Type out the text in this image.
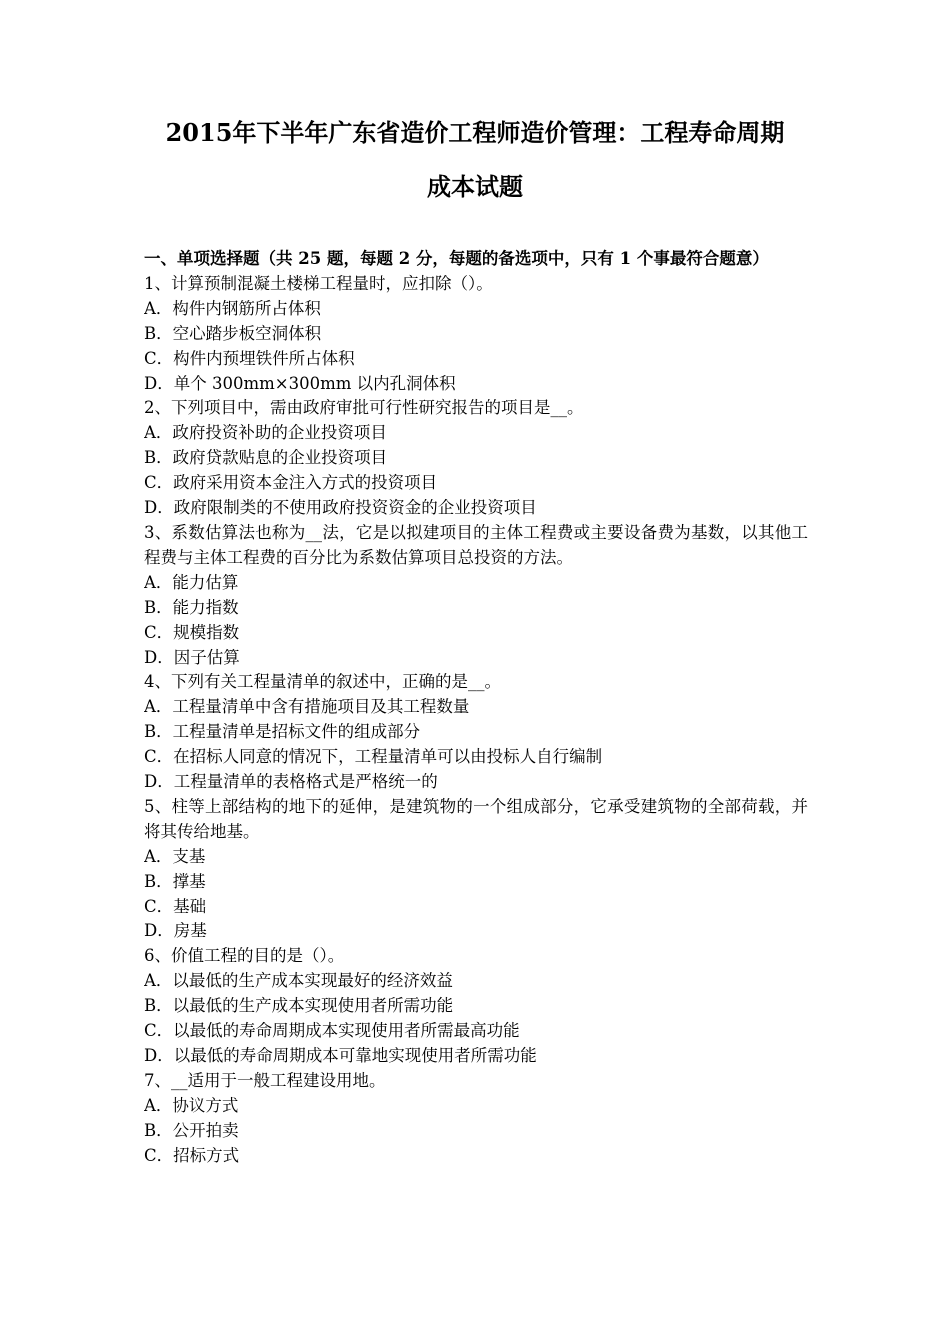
2015年下半年广东省造价工程师造价管理：工程寿命周期
成本试题
一、单项选择题（共 25 题，每题 2 分，每题的备选项中，只有 1 个事最符合题意）
1、计算预制混凝土楼梯工程量时，应扣除（）。
A．构件内钢筋所占体积
B．空心踏步板空洞体积
C．构件内预埋铁件所占体积
D．单个 300mm×300mm 以内孔洞体积
2、下列项目中，需由政府审批可行性研究报告的项目是__。
A．政府投资补助的企业投资项目
B．政府贷款贴息的企业投资项目
C．政府采用资本金注入方式的投资项目
D．政府限制类的不使用政府投资资金的企业投资项目
3、系数估算法也称为__法，它是以拟建项目的主体工程费或主要设备费为基数，以其他工程费与主体工程费的百分比为系数估算项目总投资的方法。
A．能力估算
B．能力指数
C．规模指数
D．因子估算
4、下列有关工程量清单的叙述中，正确的是__。
A．工程量清单中含有措施项目及其工程数量
B．工程量清单是招标文件的组成部分
C．在招标人同意的情况下，工程量清单可以由投标人自行编制
D．工程量清单的表格格式是严格统一的
5、柱等上部结构的地下的延伸，是建筑物的一个组成部分，它承受建筑物的全部荷载，并将其传给地基。
A．支基
B．撑基
C．基础
D．房基
6、价值工程的目的是（）。
A．以最低的生产成本实现最好的经济效益
B．以最低的生产成本实现使用者所需功能
C．以最低的寿命周期成本实现使用者所需最高功能
D．以最低的寿命周期成本可靠地实现使用者所需功能
7、__适用于一般工程建设用地。
A．协议方式
B．公开拍卖
C．招标方式
